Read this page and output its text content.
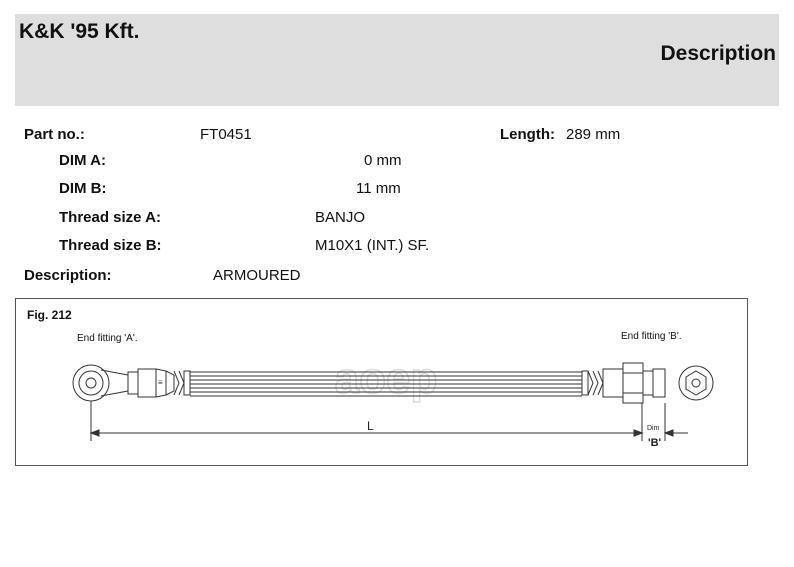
K&K '95 Kft.
Description
Part no.:	FT0451	Length: 289 mm
DIM A:	0 mm
DIM B:	11 mm
Thread size A:	BANJO
Thread size B:	M10X1 (INT.) SF.
Description:	ARMOURED
Fig. 212
End fitting 'A'.	End fitting 'B'.
aoep
≡
L	Dim
'B'
